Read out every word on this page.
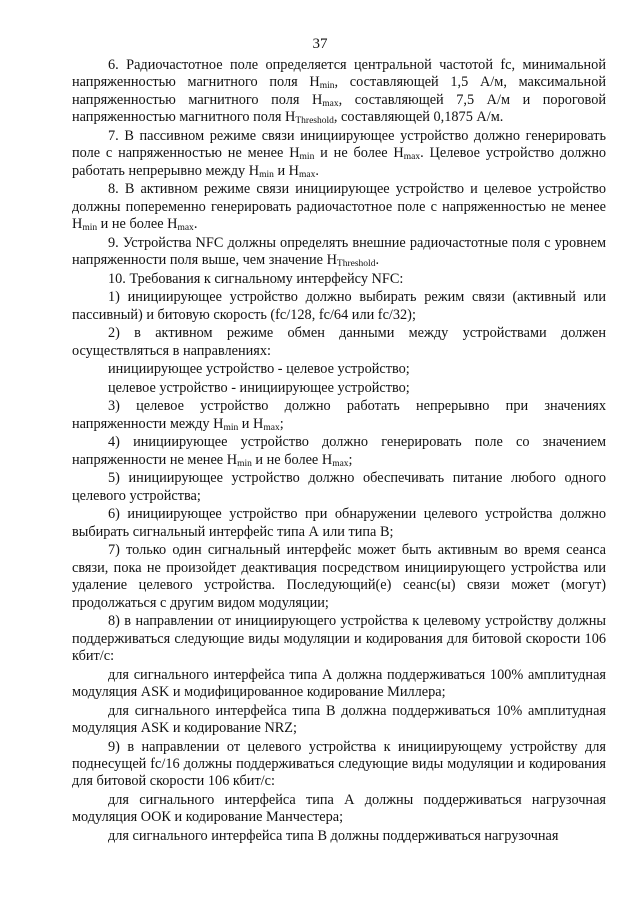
37

6. Радиочастотное поле определяется центральной частотой fc, минимальной напряженностью магнитного поля $H_{min}$, составляющей 1,5 А/м, максимальной напряженностью магнитного поля $H_{max}$, составляющей 7,5 А/м и пороговой напряженностью магнитного поля $H_{Threshold}$, составляющей 0,1875 А/м.

7. В пассивном режиме связи инициирующее устройство должно генерировать поле с напряженностью не менее $H_{min}$ и не более $H_{max}$. Целевое устройство должно работать непрерывно между $H_{min}$ и $H_{max}$.

8. В активном режиме связи инициирующее устройство и целевое устройство должны попеременно генерировать радиочастотное поле с напряженностью не менее $H_{min}$ и не более $H_{max}$.

9. Устройства NFC должны определять внешние радиочастотные поля с уровнем напряженности поля выше, чем значение $H_{Threshold}$.

10. Требования к сигнальному интерфейсу NFC:

1) инициирующее устройство должно выбирать режим связи (активный или пассивный) и битовую скорость (fc/128, fc/64 или fc/32);

2) в активном режиме обмен данными между устройствами должен осуществляться в направлениях:

инициирующее устройство - целевое устройство;

целевое устройство - инициирующее устройство;

3) целевое устройство должно работать непрерывно при значениях напряженности между $H_{min}$ и $H_{max}$;

4) инициирующее устройство должно генерировать поле со значением напряженности не менее $H_{min}$ и не более $H_{max}$;

5) инициирующее устройство должно обеспечивать питание любого одного целевого устройства;

6) инициирующее устройство при обнаружении целевого устройства должно выбирать сигнальный интерфейс типа А или типа В;

7) только один сигнальный интерфейс может быть активным во время сеанса связи, пока не произойдет деактивация посредством инициирующего устройства или удаление целевого устройства. Последующий(е) сеанс(ы) связи может (могут) продолжаться с другим видом модуляции;

8) в направлении от инициирующего устройства к целевому устройству должны поддерживаться следующие виды модуляции и кодирования для битовой скорости 106 кбит/с:

для сигнального интерфейса типа А должна поддерживаться 100% амплитудная модуляция ASK и модифицированное кодирование Миллера;

для сигнального интерфейса типа В должна поддерживаться 10% амплитудная модуляция ASK и кодирование NRZ;

9) в направлении от целевого устройства к инициирующему устройству для поднесущей fc/16 должны поддерживаться следующие виды модуляции и кодирования для битовой скорости 106 кбит/с:

для сигнального интерфейса типа А должны поддерживаться нагрузочная модуляция ООК и кодирование Манчестера;

для сигнального интерфейса типа В должны поддерживаться нагрузочная
